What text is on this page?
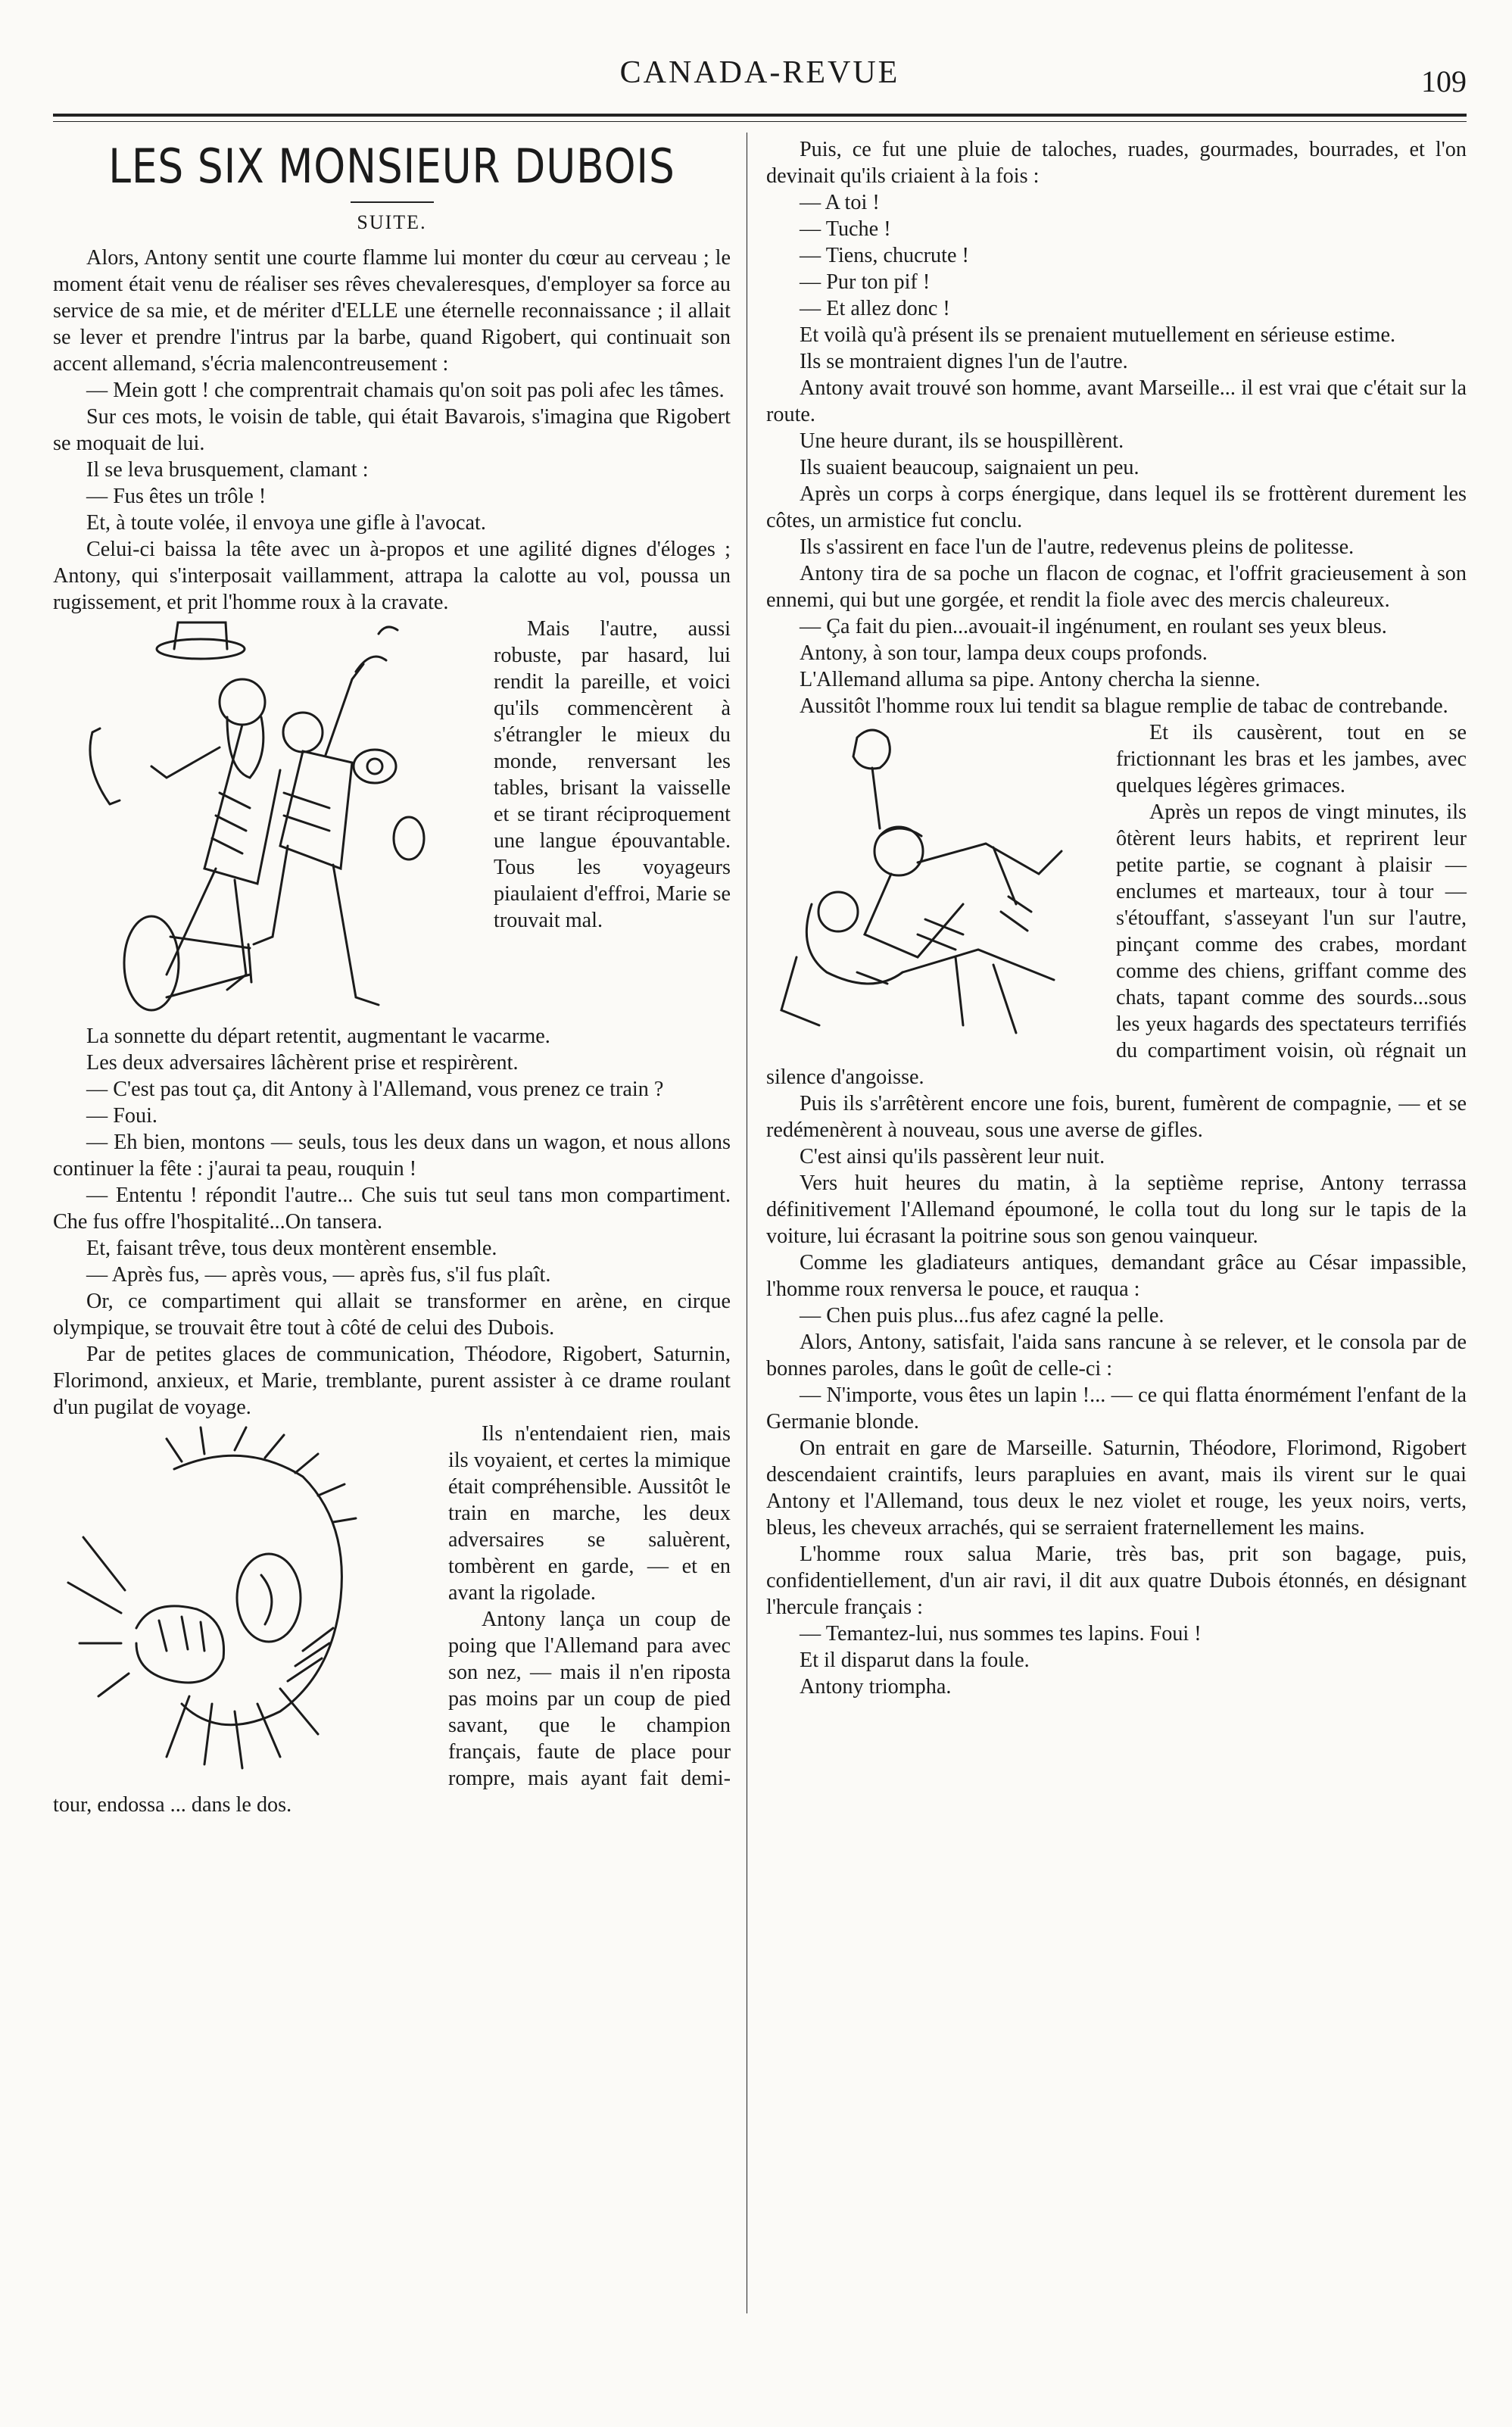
CANADA-REVUE	109
LES SIX MONSIEUR DUBOIS
SUITE.

Alors, Antony sentit une courte flamme lui monter du cœur au cerveau ; le moment était venu de réaliser ses rêves chevaleresques, d'employer sa force au service de sa mie, et de mériter d'ELLE une éternelle reconnaissance ; il allait se lever et prendre l'intrus par la barbe, quand Rigobert, qui continuait son accent allemand, s'écria malencontreusement :

— Mein gott ! che comprentrait chamais qu'on soit pas poli afec les tâmes.

Sur ces mots, le voisin de table, qui était Bavarois, s'imagina que Rigobert se moquait de lui.

Il se leva brusquement, clamant :

— Fus êtes un trôle !

Et, à toute volée, il envoya une gifle à l'avocat.

Celui-ci baissa la tête avec un à-propos et une agilité dignes d'éloges ; Antony, qui s'interposait vaillamment, attrapa la calotte au vol, poussa un rugissement, et prit l'homme roux à la cravate.

Mais l'autre, aussi robuste, par hasard, lui rendit la pareille, et voici qu'ils commencèrent à s'étrangler le mieux du monde, renversant les tables, brisant la vaisselle et se tirant réciproquement une langue épouvantable. Tous les voyageurs piaulaient d'effroi, Marie se trouvait mal.

La sonnette du départ retentit, augmentant le vacarme.

Les deux adversaires lâchèrent prise et respirèrent.

— C'est pas tout ça, dit Antony à l'Allemand, vous prenez ce train ?

— Foui.

— Eh bien, montons — seuls, tous les deux dans un wagon, et nous allons continuer la fête : j'aurai ta peau, rouquin !

— Ententu ! répondit l'autre... Che suis tut seul tans mon compartiment. Che fus offre l'hospitalité...On tansera.

Et, faisant trêve, tous deux montèrent ensemble.

— Après fus, — après vous, — après fus, s'il fus plaît.

Or, ce compartiment qui allait se transformer en arène, en cirque olympique, se trouvait être tout à côté de celui des Dubois.

Par de petites glaces de communication, Théodore, Rigobert, Saturnin, Florimond, anxieux, et Marie, tremblante, purent assister à ce drame roulant d'un pugilat de voyage.

Ils n'entendaient rien, mais ils voyaient, et certes la mimique était compréhensible. Aussitôt le train en marche, les deux adversaires se saluèrent, tombèrent en garde, — et en avant la rigolade.

Antony lança un coup de poing que l'Allemand para avec son nez, — mais il n'en riposta pas moins par un coup de pied savant, que le champion français, faute de place pour rompre, mais ayant fait demi-tour, endossa ... dans le dos.

Puis, ce fut une pluie de taloches, ruades, gourmades, bourrades, et l'on devinait qu'ils criaient à la fois :

— A toi !

— Tuche !

— Tiens, chucrute !

— Pur ton pif !

— Et allez donc !

Et voilà qu'à présent ils se prenaient mutuellement en sérieuse estime.

Ils se montraient dignes l'un de l'autre.

Antony avait trouvé son homme, avant Marseille... il est vrai que c'était sur la route.

Une heure durant, ils se houspillèrent.

Ils suaient beaucoup, saignaient un peu.

Après un corps à corps énergique, dans lequel ils se frottèrent durement les côtes, un armistice fut conclu.

Ils s'assirent en face l'un de l'autre, redevenus pleins de politesse.

Antony tira de sa poche un flacon de cognac, et l'offrit gracieusement à son ennemi, qui but une gorgée, et rendit la fiole avec des mercis chaleureux.

— Ça fait du pien...avouait-il ingénument, en roulant ses yeux bleus.

Antony, à son tour, lampa deux coups profonds.

L'Allemand alluma sa pipe. Antony chercha la sienne.

Aussitôt l'homme roux lui tendit sa blague remplie de tabac de contrebande.

Et ils causèrent, tout en se frictionnant les bras et les jambes, avec quelques légères grimaces.

Après un repos de vingt minutes, ils ôtèrent leurs habits, et reprirent leur petite partie, se cognant à plaisir — enclumes et marteaux, tour à tour — s'étouffant, s'asseyant l'un sur l'autre, pinçant comme des crabes, mordant comme des chiens, griffant comme des chats, tapant comme des sourds...sous les yeux hagards des spectateurs terrifiés du compartiment voisin, où régnait un silence d'angoisse.

Puis ils s'arrêtèrent encore une fois, burent, fumèrent de compagnie, — et se redémenèrent à nouveau, sous une averse de gifles.

C'est ainsi qu'ils passèrent leur nuit.

Vers huit heures du matin, à la septième reprise, Antony terrassa définitivement l'Allemand époumoné, le colla tout du long sur le tapis de la voiture, lui écrasant la poitrine sous son genou vainqueur.

Comme les gladiateurs antiques, demandant grâce au César impassible, l'homme roux renversa le pouce, et rauqua :

— Chen puis plus...fus afez cagné la pelle.

Alors, Antony, satisfait, l'aida sans rancune à se relever, et le consola par de bonnes paroles, dans le goût de celle-ci :

— N'importe, vous êtes un lapin !... — ce qui flatta énormément l'enfant de la Germanie blonde.

On entrait en gare de Marseille. Saturnin, Théodore, Florimond, Rigobert descendaient craintifs, leurs parapluies en avant, mais ils virent sur le quai Antony et l'Allemand, tous deux le nez violet et rouge, les yeux noirs, verts, bleus, les cheveux arrachés, qui se serraient fraternellement les mains.

L'homme roux salua Marie, très bas, prit son bagage, puis, confidentiellement, d'un air ravi, il dit aux quatre Dubois étonnés, en désignant l'hercule français :

— Temantez-lui, nus sommes tes lapins. Foui !

Et il disparut dans la foule.

Antony triompha.
